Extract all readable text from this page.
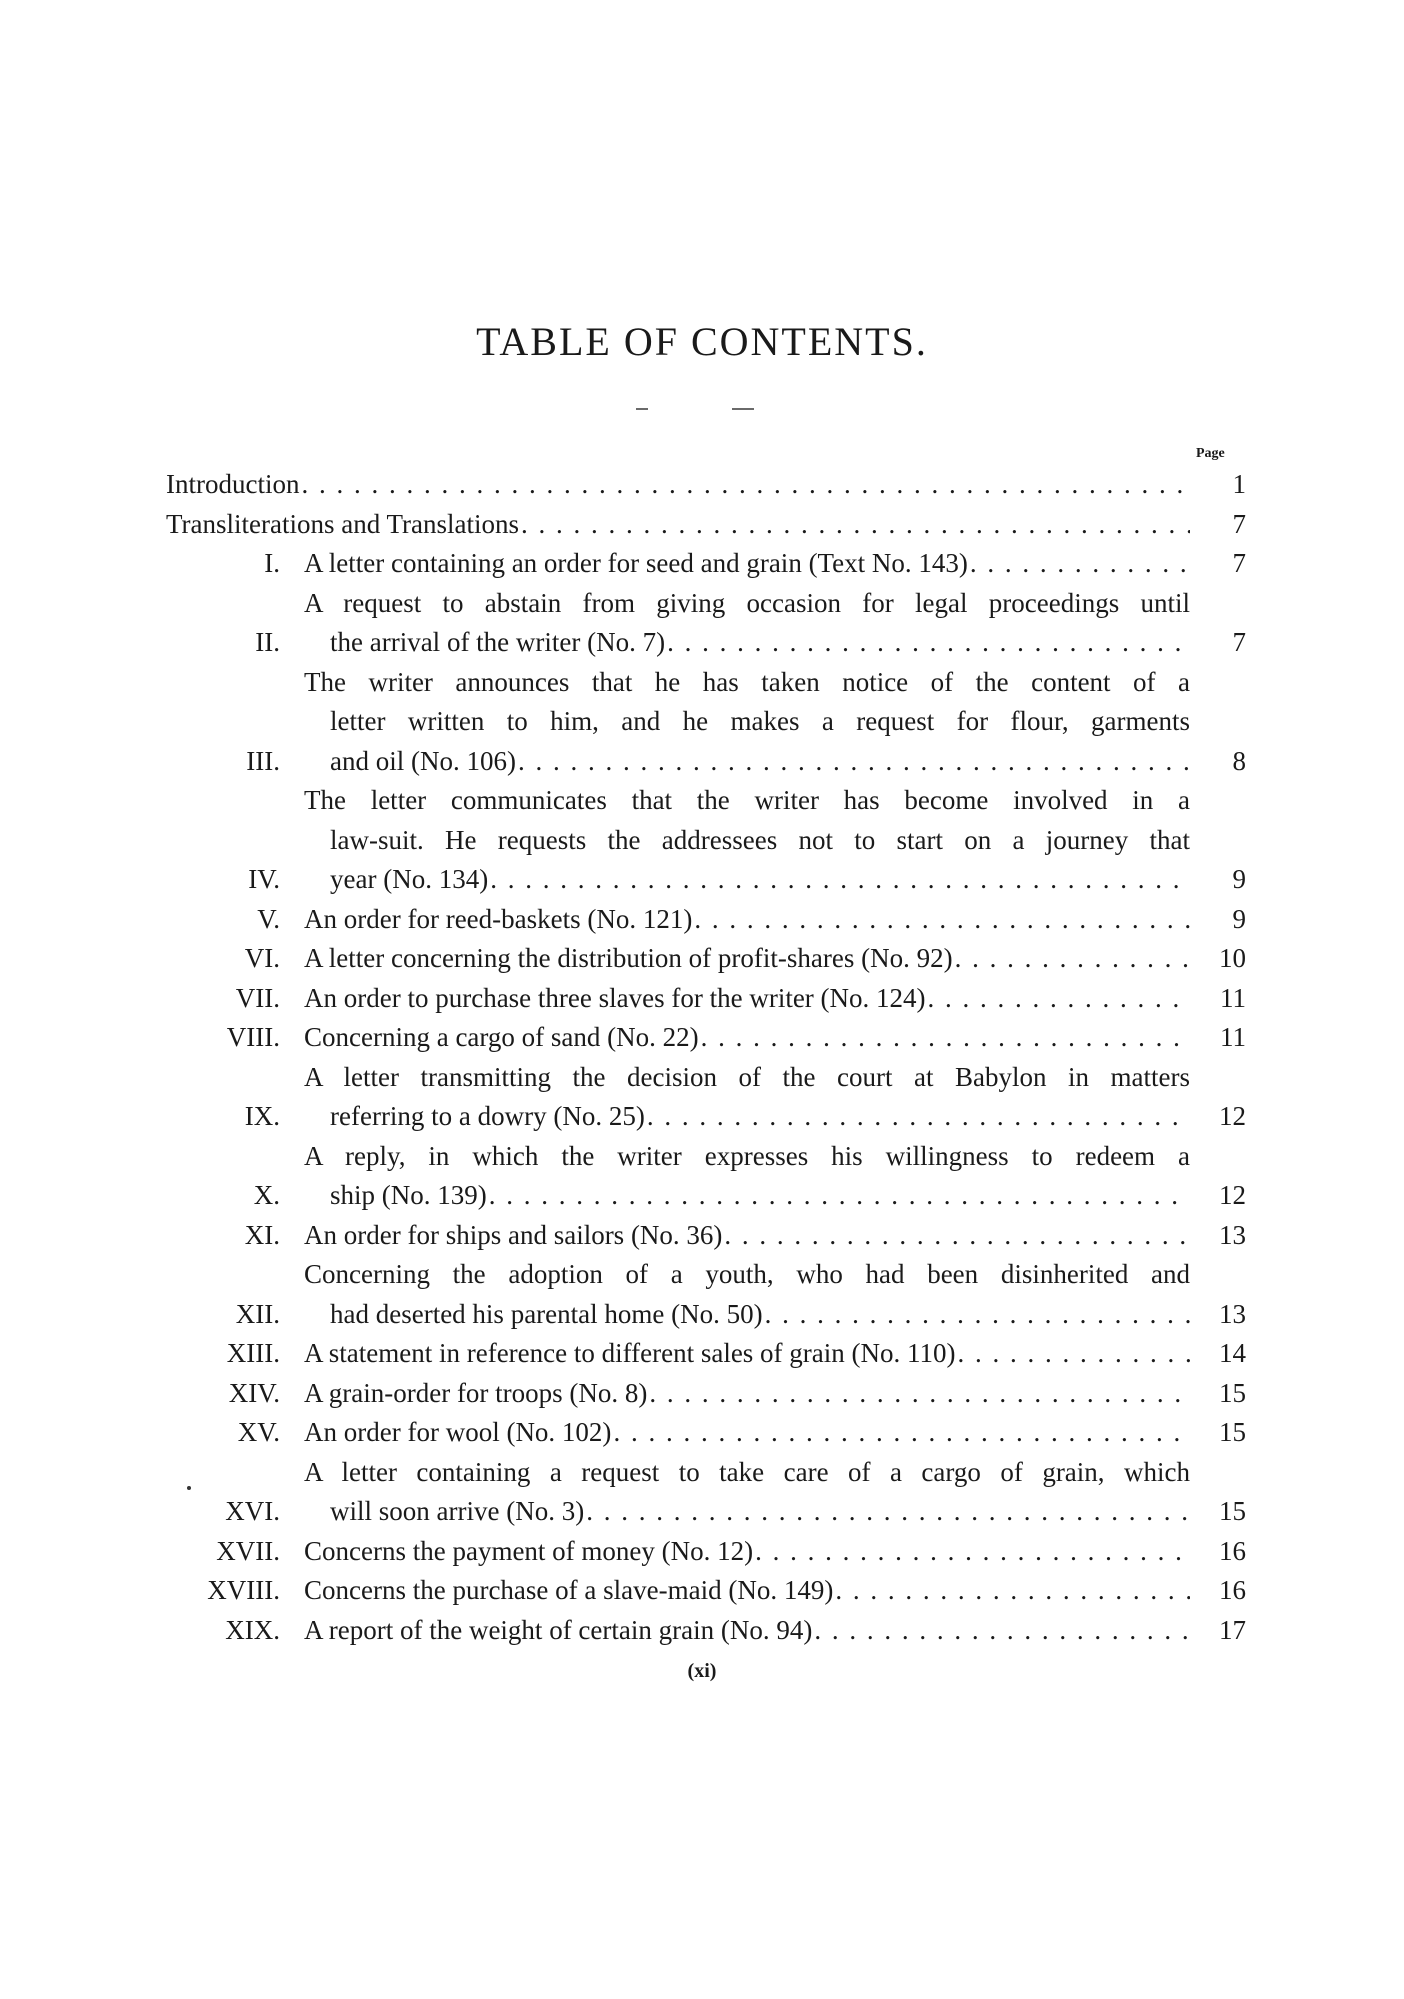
TABLE OF CONTENTS.
Page
Introduction . . .	1
Transliterations and Translations . . .	7
I. A letter containing an order for seed and grain (Text No. 143) . . .	7
II.
A request to abstain from giving occasion for legal proceedings until
the arrival of the writer (No. 7) . . .	7
III.
The writer announces that he has taken notice of the content of a
letter written to him, and he makes a request for flour, garments
and oil (No. 106) . . .	8
IV.
The letter communicates that the writer has become involved in a
law-suit. He requests the addressees not to start on a journey that
year (No. 134) . . .	9
V. An order for reed-baskets (No. 121) . . .	9
VI. A letter concerning the distribution of profit-shares (No. 92) . . .	10
VII. An order to purchase three slaves for the writer (No. 124) . . .	11
VIII. Concerning a cargo of sand (No. 22) . . .	11
IX.
A letter transmitting the decision of the court at Babylon in matters
referring to a dowry (No. 25) . . .	12
X.
A reply, in which the writer expresses his willingness to redeem a
ship (No. 139) . . .	12
XI. An order for ships and sailors (No. 36) . . .	13
XII.
Concerning the adoption of a youth, who had been disinherited and
had deserted his parental home (No. 50) . . .	13
XIII. A statement in reference to different sales of grain (No. 110) . . .	14
XIV. A grain-order for troops (No. 8) . . .	15
XV. An order for wool (No. 102) . . .	15
XVI.
A letter containing a request to take care of a cargo of grain, which
will soon arrive (No. 3) . . .	15
XVII. Concerns the payment of money (No. 12) . . .	16
XVIII. Concerns the purchase of a slave-maid (No. 149) . . .	16
XIX. A report of the weight of certain grain (No. 94) . . .	17
(xi)
